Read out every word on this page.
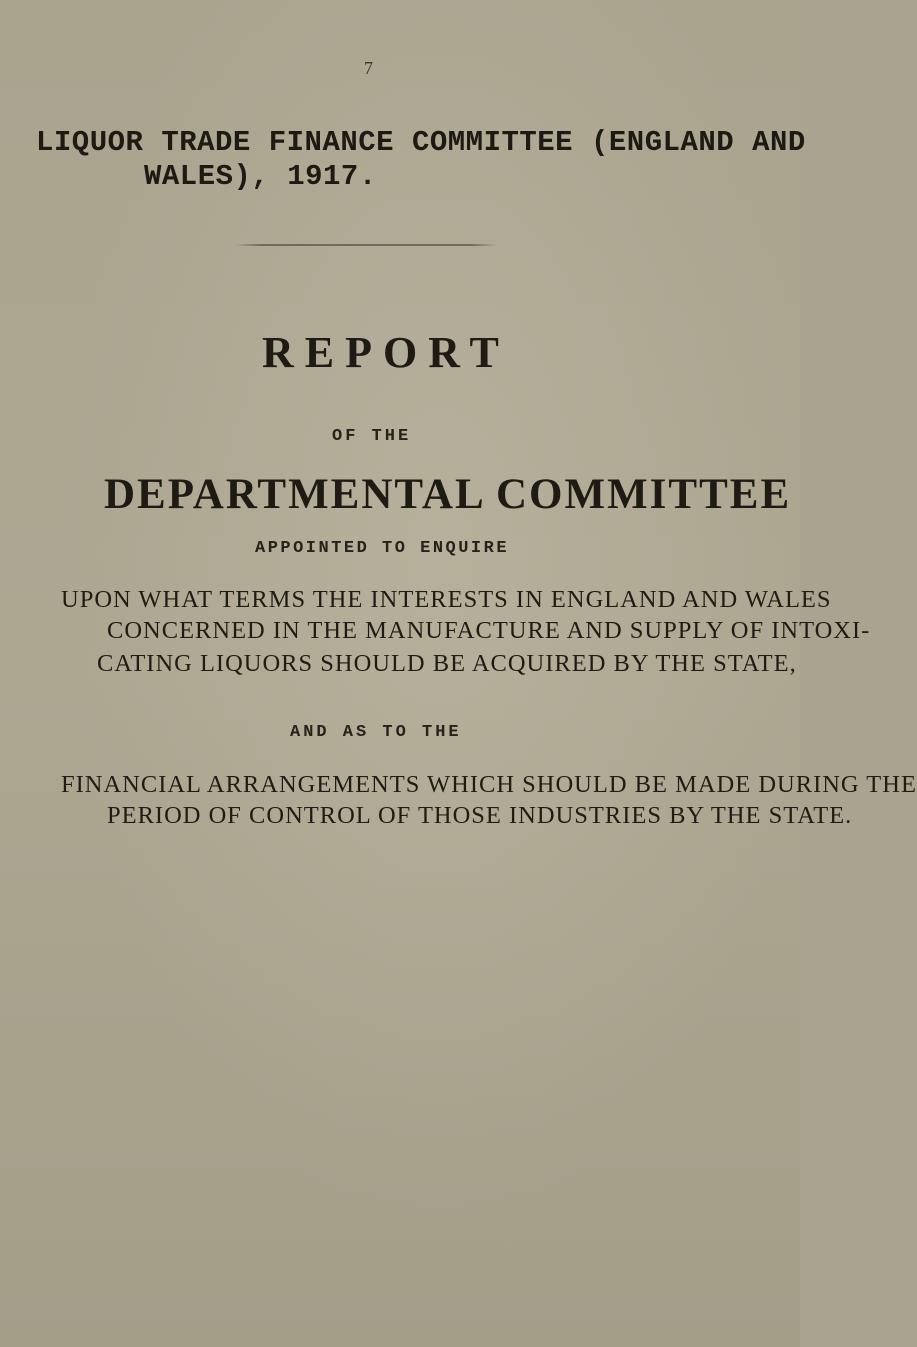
7

LIQUOR TRADE FINANCE COMMITTEE (ENGLAND AND
WALES), 1917.
REPORT

OF THE

DEPARTMENTAL COMMITTEE

APPOINTED TO ENQUIRE

UPON WHAT TERMS THE INTERESTS IN ENGLAND AND WALES

CONCERNED IN THE MANUFACTURE AND SUPPLY OF INTOXI-

CATING LIQUORS SHOULD BE ACQUIRED BY THE STATE,

AND AS TO THE

FINANCIAL ARRANGEMENTS WHICH SHOULD BE MADE DURING THE

PERIOD OF CONTROL OF THOSE INDUSTRIES BY THE STATE.
